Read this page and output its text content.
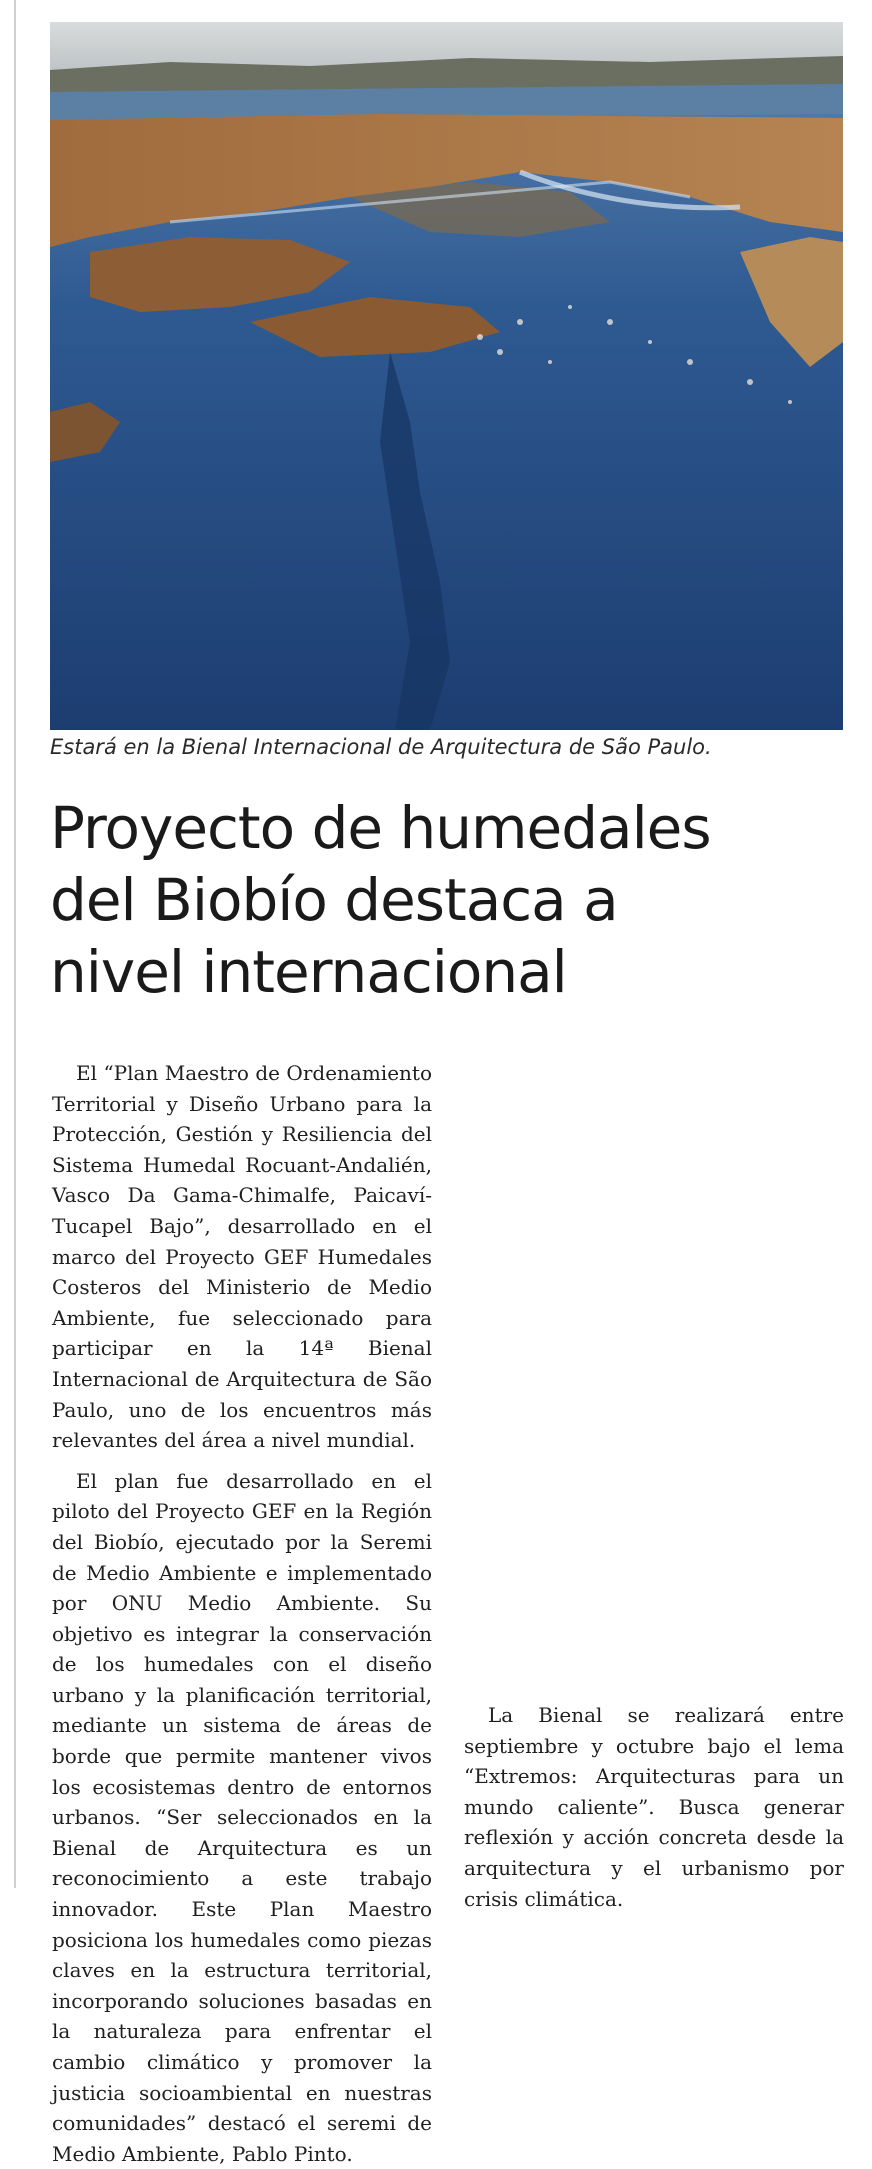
Estará en la Bienal Internacional de Arquitectura de São Paulo.
Proyecto de humedales
del Biobío destaca a
nivel internacional

El “Plan Maestro de Ordenamiento Territorial y Diseño Urbano para la Protección, Gestión y Resiliencia del Sistema Humedal Rocuant-Andalién, Vasco Da Gama-Chimalfe, Paicaví-Tucapel Bajo”, desarrollado en el marco del Proyecto GEF Humedales Costeros del Ministerio de Medio Ambiente, fue seleccionado para participar en la 14ª Bienal Internacional de Arquitectura de São Paulo, uno de los encuentros más relevantes del área a nivel mundial.

El plan fue desarrollado en el piloto del Proyecto GEF en la Región del Biobío, ejecutado por la Seremi de Medio Ambiente e implementado por ONU Medio Ambiente. Su objetivo es integrar la conservación de los humedales con el diseño urbano y la planificación territorial, mediante un sistema de áreas de borde que permite mantener vivos los ecosistemas dentro de entornos urbanos. “Ser seleccionados en la Bienal de Arquitectura es un reconocimiento a este trabajo innovador. Este Plan Maestro posiciona los humedales como piezas claves en la estructura territorial, incorporando soluciones basadas en la naturaleza para enfrentar el cambio climático y promover la justicia socioambiental en nuestras comunidades” destacó el seremi de Medio Ambiente, Pablo Pinto.

La Bienal se realizará entre septiembre y octubre bajo el lema “Extremos: Arquitecturas para un mundo caliente”. Busca generar reflexión y acción concreta desde la arquitectura y el urbanismo por crisis climática.
